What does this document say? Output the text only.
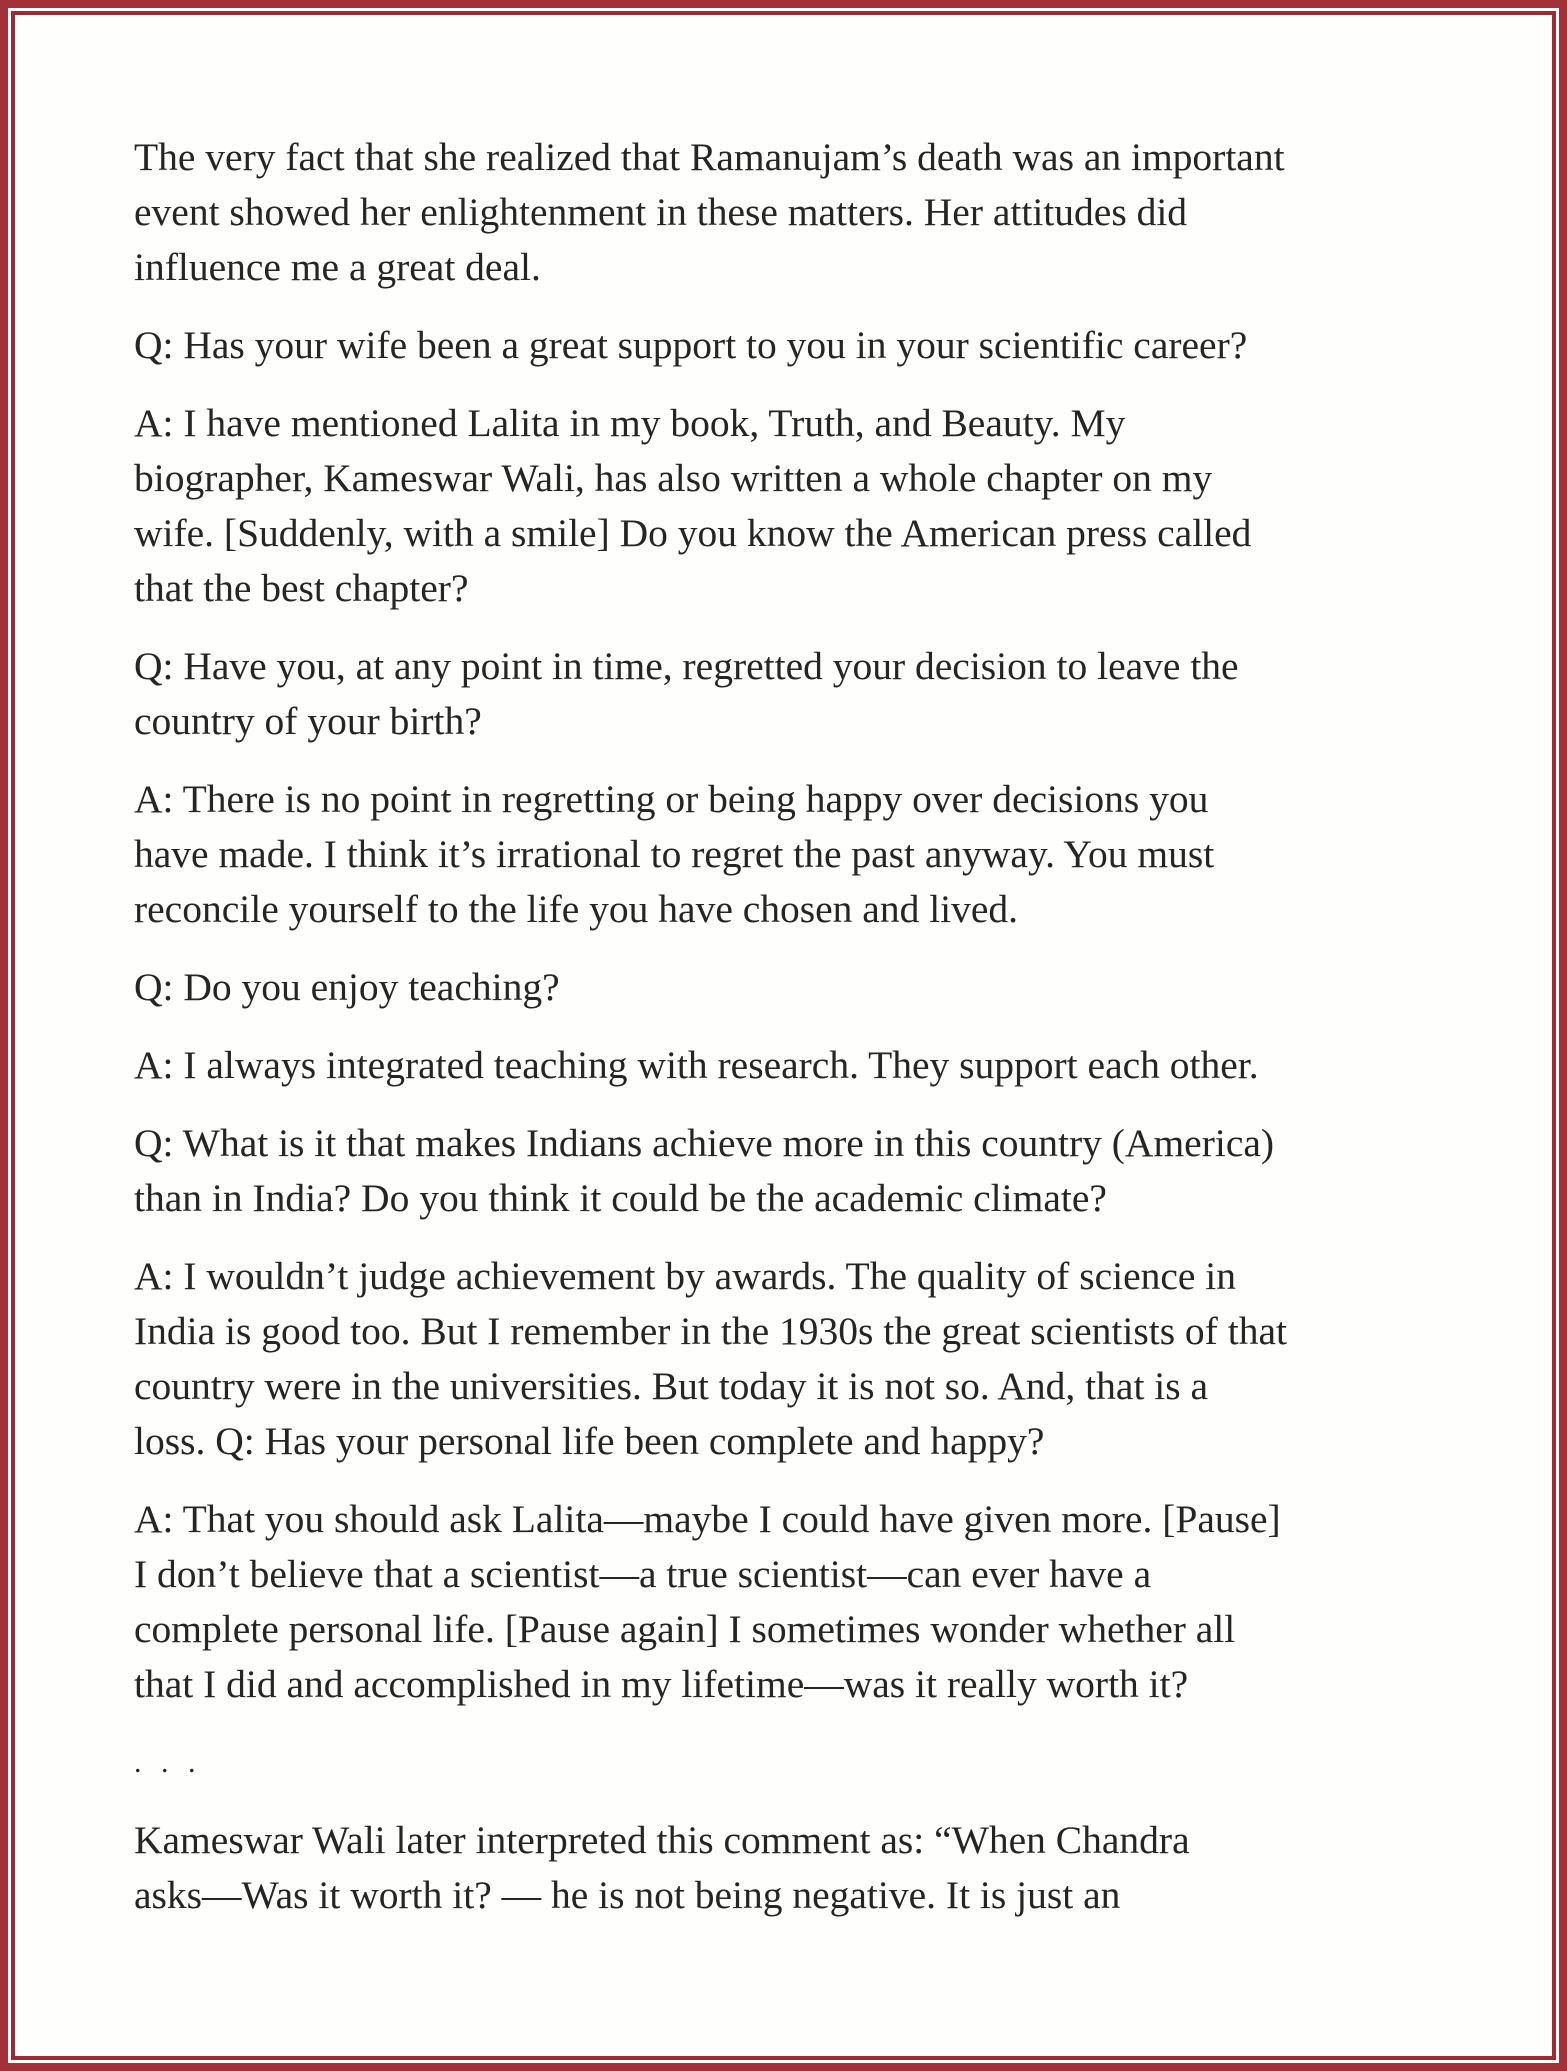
The very fact that she realized that Ramanujam’s death was an important
event showed her enlightenment in these matters. Her attitudes did
influence me a great deal.

Q: Has your wife been a great support to you in your scientific career?

A: I have mentioned Lalita in my book, Truth, and Beauty. My
biographer, Kameswar Wali, has also written a whole chapter on my
wife. [Suddenly, with a smile] Do you know the American press called
that the best chapter?

Q: Have you, at any point in time, regretted your decision to leave the
country of your birth?

A: There is no point in regretting or being happy over decisions you
have made. I think it’s irrational to regret the past anyway. You must
reconcile yourself to the life you have chosen and lived.

Q: Do you enjoy teaching?

A: I always integrated teaching with research. They support each other.

Q: What is it that makes Indians achieve more in this country (America)
than in India? Do you think it could be the academic climate?

A: I wouldn’t judge achievement by awards. The quality of science in
India is good too. But I remember in the 1930s the great scientists of that
country were in the universities. But today it is not so. And, that is a
loss. Q: Has your personal life been complete and happy?

A: That you should ask Lalita—maybe I could have given more. [Pause]
I don’t believe that a scientist—a true scientist—can ever have a
complete personal life. [Pause again] I sometimes wonder whether all
that I did and accomplished in my lifetime—was it really worth it?

. . .

Kameswar Wali later interpreted this comment as: “When Chandra
asks—Was it worth it? — he is not being negative. It is just an
